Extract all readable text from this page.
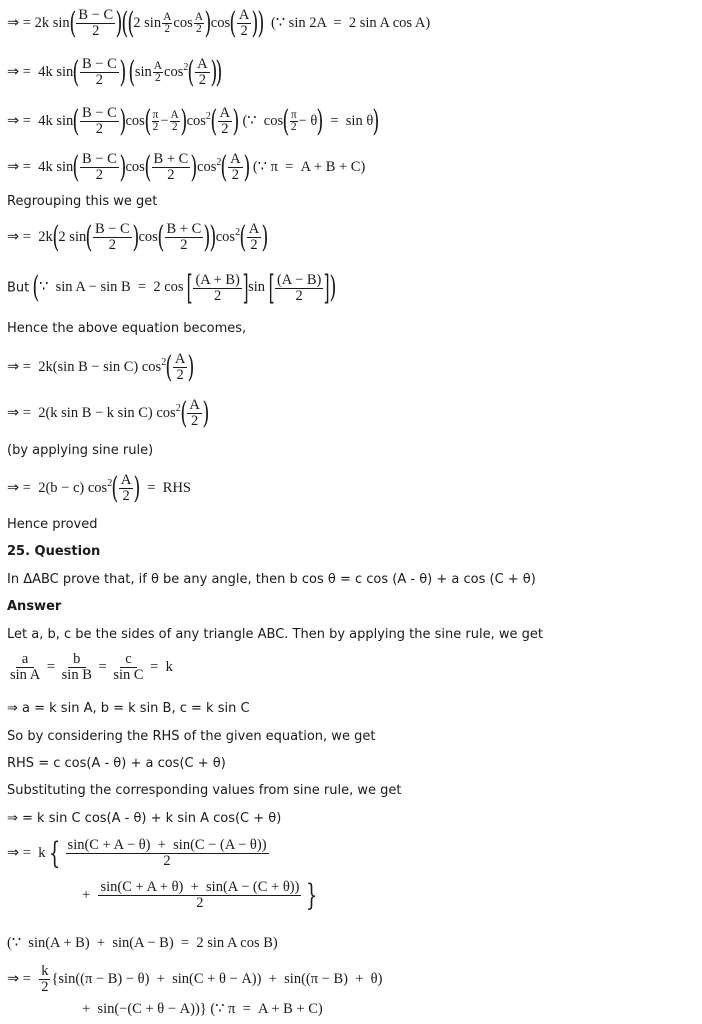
⇒ = 2k $\sin( \frac{B - C}{2} )((2$ $\sin \frac{A}{2}$ $\cos \frac{A}{2} )\cos( \frac{A}{2}$ ))  (∵ sin 2A  =  2 sin A cos A)
⇒ =  4k $\sin( \frac{B - C}{2}$ ) ($\sin \frac{A}{2} \cos^2( \frac{A}{2}$ ))
⇒ =  4k $\sin( \frac{B - C}{2} )\cos( \frac{\pi}{2} - \frac{A}{2} )\cos^2( \frac{A}{2}$ ) (∵  $\cos( \frac{\pi}{2} - \theta) = \sin \theta$)
⇒ =  4k $\sin( \frac{B - C}{2} )\cos( \frac{B + C}{2} )\cos^2( \frac{A}{2}$ ) (∵ π  =  A + B + C)
Regrouping this we get
⇒ =  2k(2 $\sin( \frac{B - C}{2} )\cos( \frac{B + C}{2} ))\cos^2( \frac{A}{2}$ )
But (∵  sin A − sin B  =  2 cos [ $\frac{(A + B)}{2} ]\sin$ [ $\frac{(A - B)}{2}$ ])
Hence the above equation becomes,
⇒ =  2k(sin B − sin C) $\cos^2( \frac{A}{2}$ )
⇒ =  2(k sin B − k sin C) $\cos^2( \frac{A}{2}$ )
(by applying sine rule)
⇒ =  2(b − c) $\cos^2( \frac{A}{2}$ )  =  RHS
Hence proved
25. Question
In ΔABC prove that, if θ be any angle, then b cos θ = c cos (A - θ) + a cos (C + θ)
Answer
Let a, b, c be the sides of any triangle ABC. Then by applying the sine rule, we get
$\frac{a}{\text{sin A}} = \frac{b}{\text{sin B}} = \frac{c}{\text{sin C}} = k$
⇒ a = k sin A, b = k sin B, c = k sin C
So by considering the RHS of the given equation, we get
RHS = c cos(A - θ) + a cos(C + θ)
Substituting the corresponding values from sine rule, we get
⇒ = k sin C cos(A - θ) + k sin A cos(C + θ)
⇒ =  k { $\frac{\sin(C + A - \theta) + \sin(C - (A - \theta))}{2}$
+ $\frac{\sin(C + A + \theta) + \sin(A - (C + \theta))}{2}$ }
(∵  sin(A + B)  +  sin(A − B)  =  2 sin A cos B)
⇒ = $\frac{k}{2} \{\sin((\pi - B) - \theta) + \sin(C + \theta - A)) + \sin((\pi - B) + \theta)$
+  sin(−(C + θ − A))} (∵ π  =  A + B + C)
